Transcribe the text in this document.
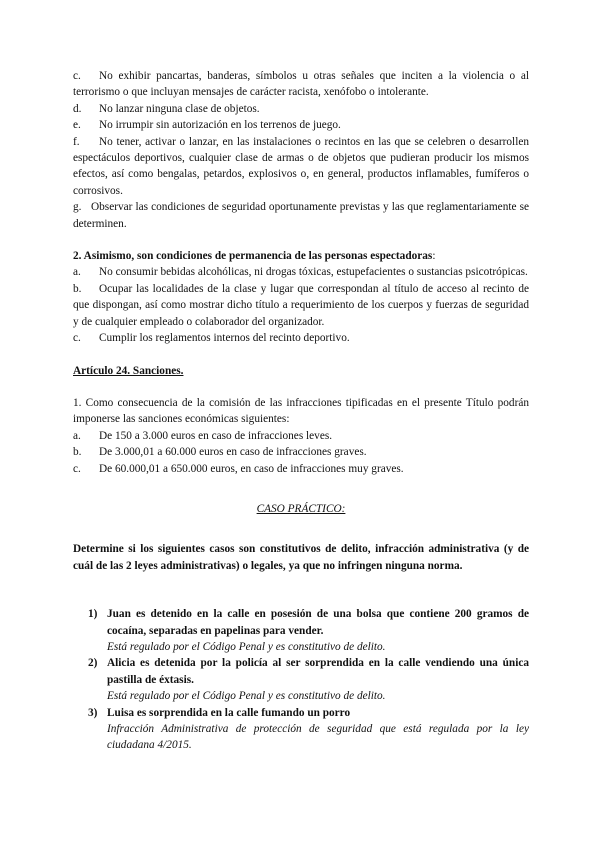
c. No exhibir pancartas, banderas, símbolos u otras señales que inciten a la violencia o al terrorismo o que incluyan mensajes de carácter racista, xenófobo o intolerante.

d. No lanzar ninguna clase de objetos.

e. No irrumpir sin autorización en los terrenos de juego.

f. No tener, activar o lanzar, en las instalaciones o recintos en las que se celebren o desarrollen espectáculos deportivos, cualquier clase de armas o de objetos que pudieran producir los mismos efectos, así como bengalas, petardos, explosivos o, en general, productos inflamables, fumíferos o corrosivos.

g. Observar las condiciones de seguridad oportunamente previstas y las que reglamentariamente se determinen.

2. Asimismo, son condiciones de permanencia de las personas espectadoras:

a. No consumir bebidas alcohólicas, ni drogas tóxicas, estupefacientes o sustancias psicotrópicas.

b. Ocupar las localidades de la clase y lugar que correspondan al título de acceso al recinto de que dispongan, así como mostrar dicho título a requerimiento de los cuerpos y fuerzas de seguridad y de cualquier empleado o colaborador del organizador.

c. Cumplir los reglamentos internos del recinto deportivo.

Artículo 24. Sanciones.

1. Como consecuencia de la comisión de las infracciones tipificadas en el presente Título podrán imponerse las sanciones económicas siguientes:

a. De 150 a 3.000 euros en caso de infracciones leves.

b. De 3.000,01 a 60.000 euros en caso de infracciones graves.

c. De 60.000,01 a 650.000 euros, en caso de infracciones muy graves.

CASO PRÁCTICO:

Determine si los siguientes casos son constitutivos de delito, infracción administrativa (y de cuál de las 2 leyes administrativas) o legales, ya que no infringen ninguna norma.

1) Juan es detenido en la calle en posesión de una bolsa que contiene 200 gramos de cocaína, separadas en papelinas para vender.

Está regulado por el Código Penal y es constitutivo de delito.

2) Alicia es detenida por la policía al ser sorprendida en la calle vendiendo una única pastilla de éxtasis.

Está regulado por el Código Penal y es constitutivo de delito.

3) Luisa es sorprendida en la calle fumando un porro

Infracción Administrativa de protección de seguridad que está regulada por la ley ciudadana 4/2015.
